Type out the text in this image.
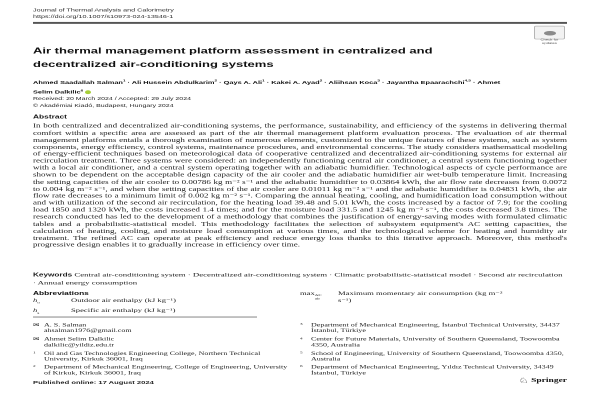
Journal of Thermal Analysis and Calorimetry
https://doi.org/10.1007/s10973-024-13546-1
Check for updates
Air thermal management platform assessment in centralized and decentralized air-conditioning systems
Ahmed Saadallah Salman$^1$ · Ali Hussein Abdulkarim$^2$ · Qays A. Ali$^1$ · Kakei A. Ayad$^2$ · Aliihsan Koca$^3$ · Jayantha Epaarachchi$^{4,5}$ · Ahmet Selim Dalkilic$^6$
Received: 20 March 2024 / Accepted: 29 July 2024
© Akadémiai Kiadó, Budapest, Hungary 2024
Abstract

In both centralized and decentralized air-conditioning systems, the performance, sustainability, and efficiency of the systems in delivering thermal comfort within a specific area are assessed as part of the air thermal management platform evaluation process. The evaluation of air thermal management platforms entails a thorough examination of numerous elements, customized to the unique features of these systems, such as system components, energy efficiency, control systems, maintenance procedures, and environmental concerns. The study considers mathematical modeling of energy-efficient techniques based on meteorological data of cooperative centralized and decentralized air-conditioning systems for external air recirculation treatment. Three systems were considered: an independently functioning central air conditioner, a central system functioning together with a local air conditioner, and a central system operating together with an adiabatic humidifier. Technological aspects of cycle performance are shown to be dependent on the acceptable design capacity of the air cooler and the adiabatic humidifier air wet-bulb temperature limit. Increasing the setting capacities of the air cooler to 0.00786 kg m⁻² s⁻¹ and the adiabatic humidifier to 0.03864 kWh, the air flow rate decreases from 0.0072 to 0.004 kg m⁻² s⁻¹, and when the setting capacities of the air cooler are 0.01011 kg m⁻² s⁻¹ and the adiabatic humidifier is 0.04831 kWh, the air flow rate decreases to a minimum limit of 0.002 kg m⁻² s⁻¹. Comparing the annual heating, cooling, and humidification load consumption without and with utilization of the second air recirculation, for the heating load 39.48 and 5.01 kWh, the costs increased by a factor of 7.9; for the cooling load 1850 and 1320 kWh, the costs increased 1.4 times; and for the moisture load 331.5 and 1245 kg m⁻² s⁻¹, the costs decreased 3.8 times. The research conducted has led to the development of a methodology that combines the justification of energy-saving modes with formulated climatic tables and a probabilistic-statistical model. This methodology facilitates the selection of subsystem equipment's AC setting capacities, the calculation of heating, cooling, and moisture load consumption at various times, and the technological scheme for heating and humidity air treatment. The refined AC can operate at peak efficiency and reduce energy loss thanks to this iterative approach. Moreover, this method's progressive design enables it to gradually increase in efficiency over time.

Keywords Central air-conditioning system · Decentralized air-conditioning system · Climatic probabilistic-statistical model · Second air recirculation · Annual energy consumption

Abbreviations
$h_o$	Outdoor air enthalpy (kJ kg⁻¹)
$h_s$	Specific air enthalpy (kJ kg⁻¹)
max AC
air
Maximum momentary air consumption (kg m⁻² s⁻¹)
✉ A. S. Salman
ahsalman1976@gmail.com
✉ Ahmet Selim Dalkilic
dalkilic@yildiz.edu.tr
$^1$	Oil and Gas Technologies Engineering College, Northern Technical University, Kirkuk 36001, Iraq
$^2$	Department of Mechanical Engineering, College of Engineering, University of Kirkuk, Kirkuk 36001, Iraq
$^3$	Department of Mechanical Engineering, İstanbul Technical University, 34437 İstanbul, Türkiye
$^4$	Center for Future Materials, University of Southern Queensland, Toowoomba 4350, Australia
$^5$	School of Engineering, University of Southern Queensland, Toowoomba 4350, Australia
$^6$	Department of Mechanical Engineering, Yıldız Technical University, 34349 İstanbul, Türkiye
Published online: 17 August 2024	♘ Springer
